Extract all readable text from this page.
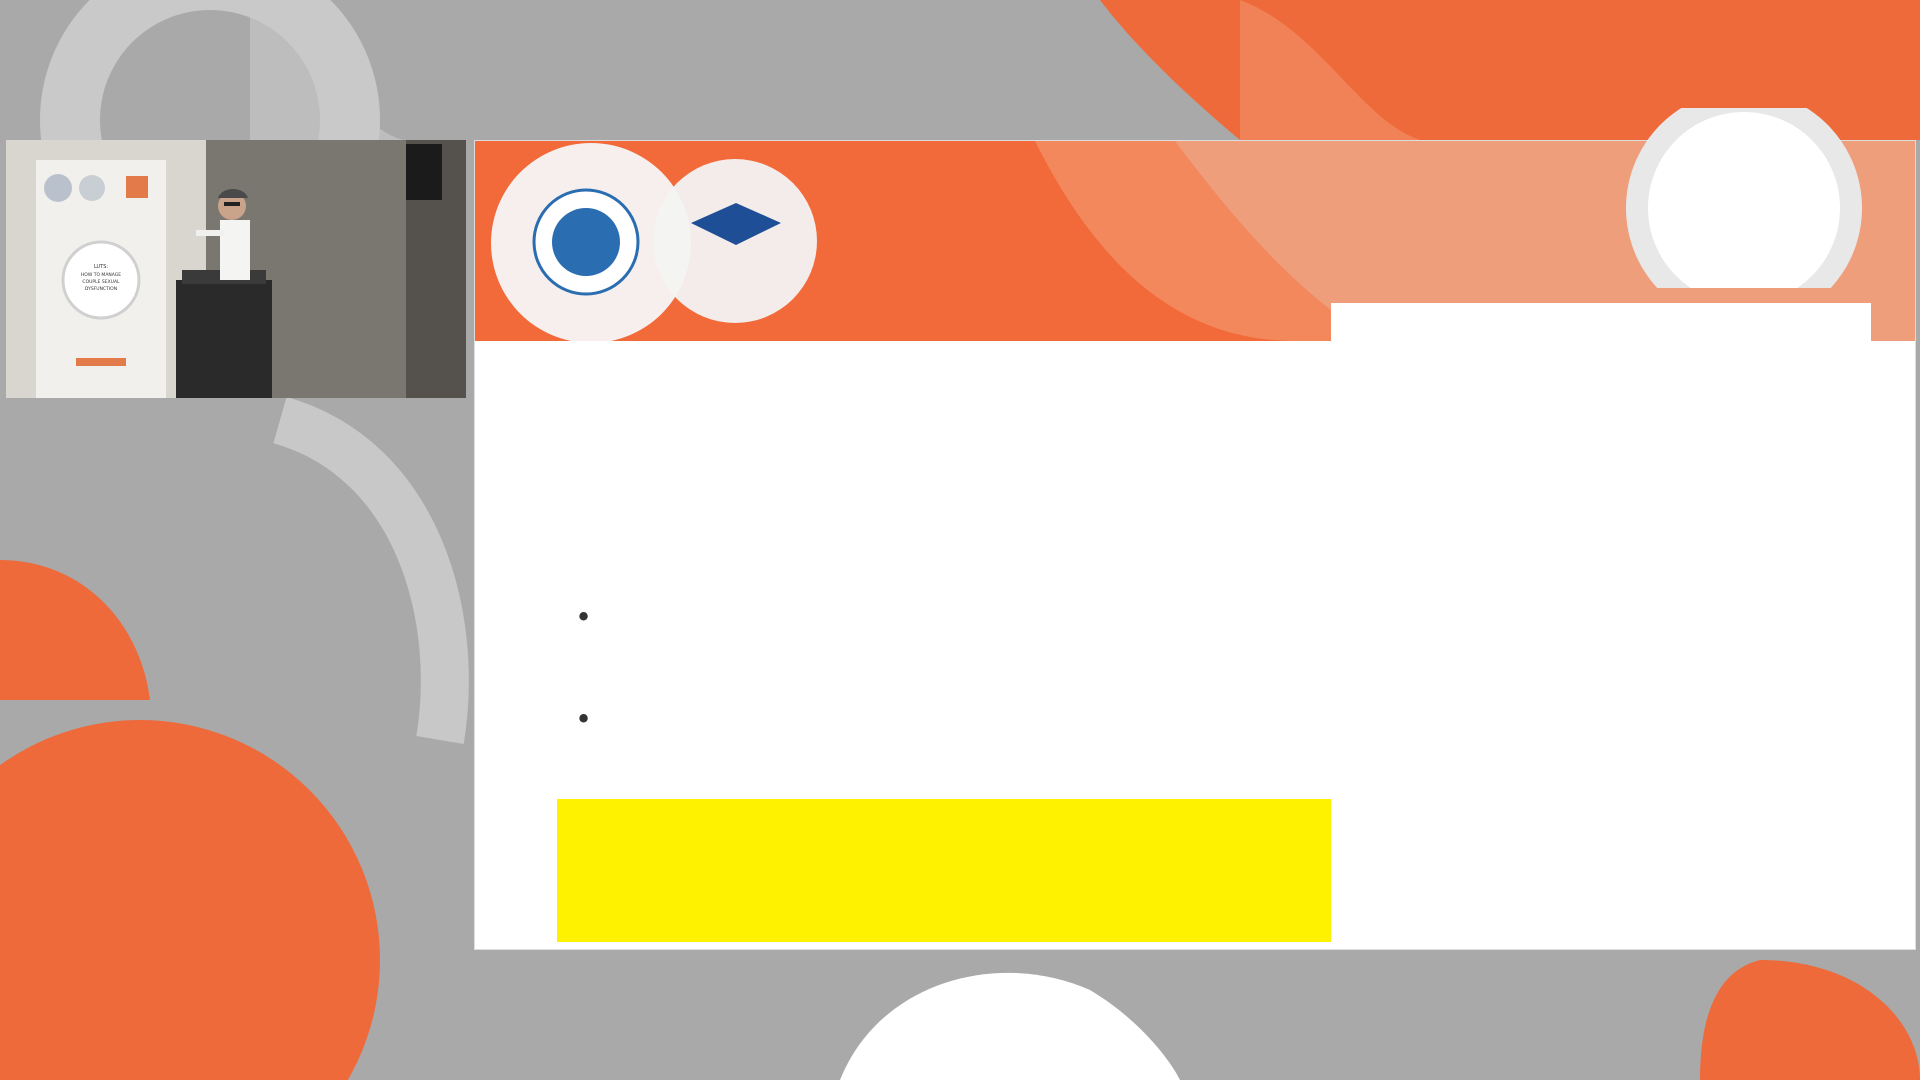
LUTS:
HOW TO MANAGE
COUPLE SEXUAL
DYSFUNCTION
•
•
